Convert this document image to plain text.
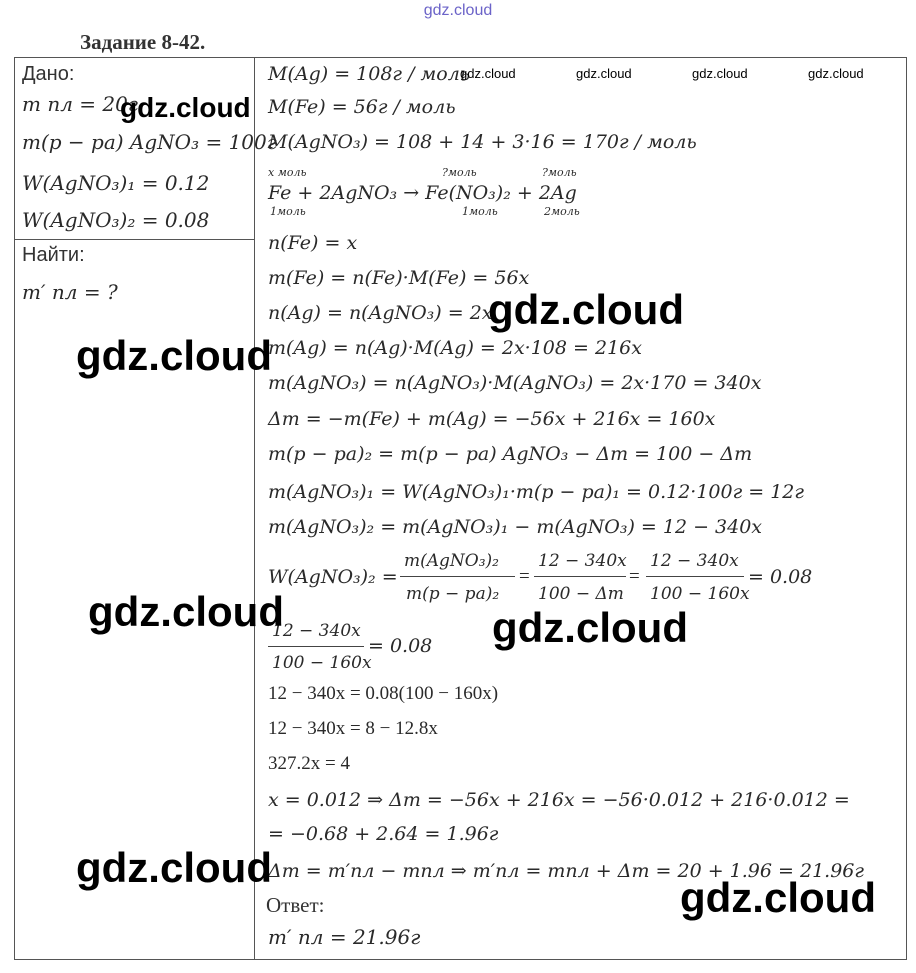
gdz.cloud
Задание 8-42.
Дано:
m пл = 20г
m(p − pa) AgNO₃ = 100г
W(AgNO₃)₁ = 0.12
W(AgNO₃)₂ = 0.08
Найти:
m′ пл = ?
M(Ag) = 108г / моль
M(Fe) = 56г / моль
M(AgNO₃) = 108 + 14 + 3·16 = 170г / моль
x моль	?моль	?моль
Fe + 2AgNO₃ → Fe(NO₃)₂ + 2Ag
1моль	1моль	2моль
n(Fe) = x
m(Fe) = n(Fe)·M(Fe) = 56x
n(Ag) = n(AgNO₃) = 2x
m(Ag) = n(Ag)·M(Ag) = 2x·108 = 216x
m(AgNO₃) = n(AgNO₃)·M(AgNO₃) = 2x·170 = 340x
Δm = −m(Fe) + m(Ag) = −56x + 216x = 160x
m(p − pa)₂ = m(p − pa) AgNO₃ − Δm = 100 − Δm
m(AgNO₃)₁ = W(AgNO₃)₁·m(p − pa)₁ = 0.12·100г = 12г
m(AgNO₃)₂ = m(AgNO₃)₁ − m(AgNO₃) = 12 − 340x
W(AgNO₃)₂ =
m(AgNO₃)₂
m(p − pa)₂
=
12 − 340x
100 − Δm
=
12 − 340x
100 − 160x
= 0.08
12 − 340x
100 − 160x
= 0.08
12 − 340x = 0.08(100 − 160x)
12 − 340x = 8 − 12.8x
327.2x = 4
x = 0.012 ⇒ Δm = −56x + 216x = −56·0.012 + 216·0.012 =
= −0.68 + 2.64 = 1.96г
Δm = m′пл − mпл ⇒ m′пл = mпл + Δm = 20 + 1.96 = 21.96г
Ответ:
m′ пл = 21.96г
gdz.cloud	gdz.cloud	gdz.cloud	gdz.cloud
gdz.cloud
gdz.cloud
gdz.cloud
gdz.cloud	gdz.cloud
gdz.cloud
gdz.cloud
